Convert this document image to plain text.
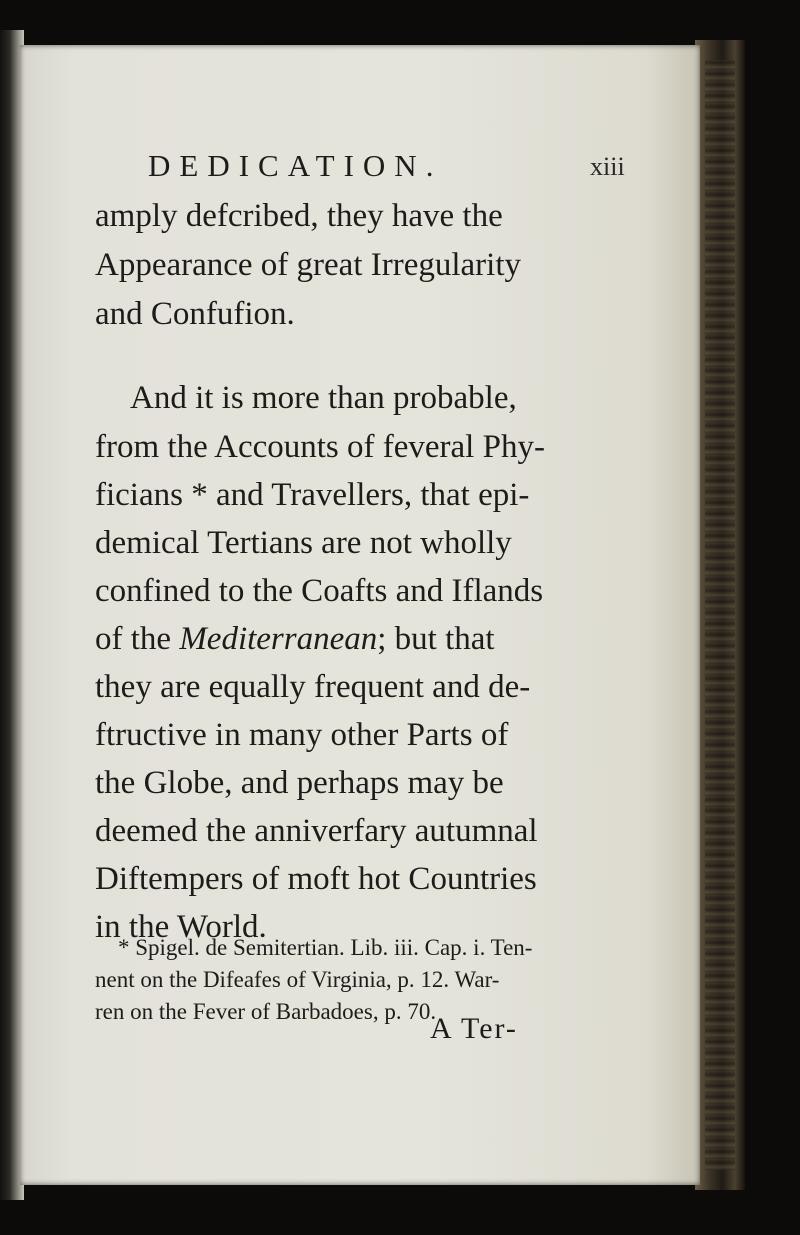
DEDICATION.	xiii
amply defcribed, they have the
Appearance of great Irregularity
and Confufion.
And it is more than probable,
from the Accounts of feveral Phy-
ficians * and Travellers, that epi-
demical Tertians are not wholly
confined to the Coafts and Iflands
of the Mediterranean; but that
they are equally frequent and de-
ftructive in many other Parts of
the Globe, and perhaps may be
deemed the anniverfary autumnal
Diftempers of moft hot Countries
in the World.
* Spigel. de Semitertian. Lib. iii. Cap. i. Ten-
nent on the Difeafes of Virginia, p. 12. War-
ren on the Fever of Barbadoes, p. 70.
A Ter-
